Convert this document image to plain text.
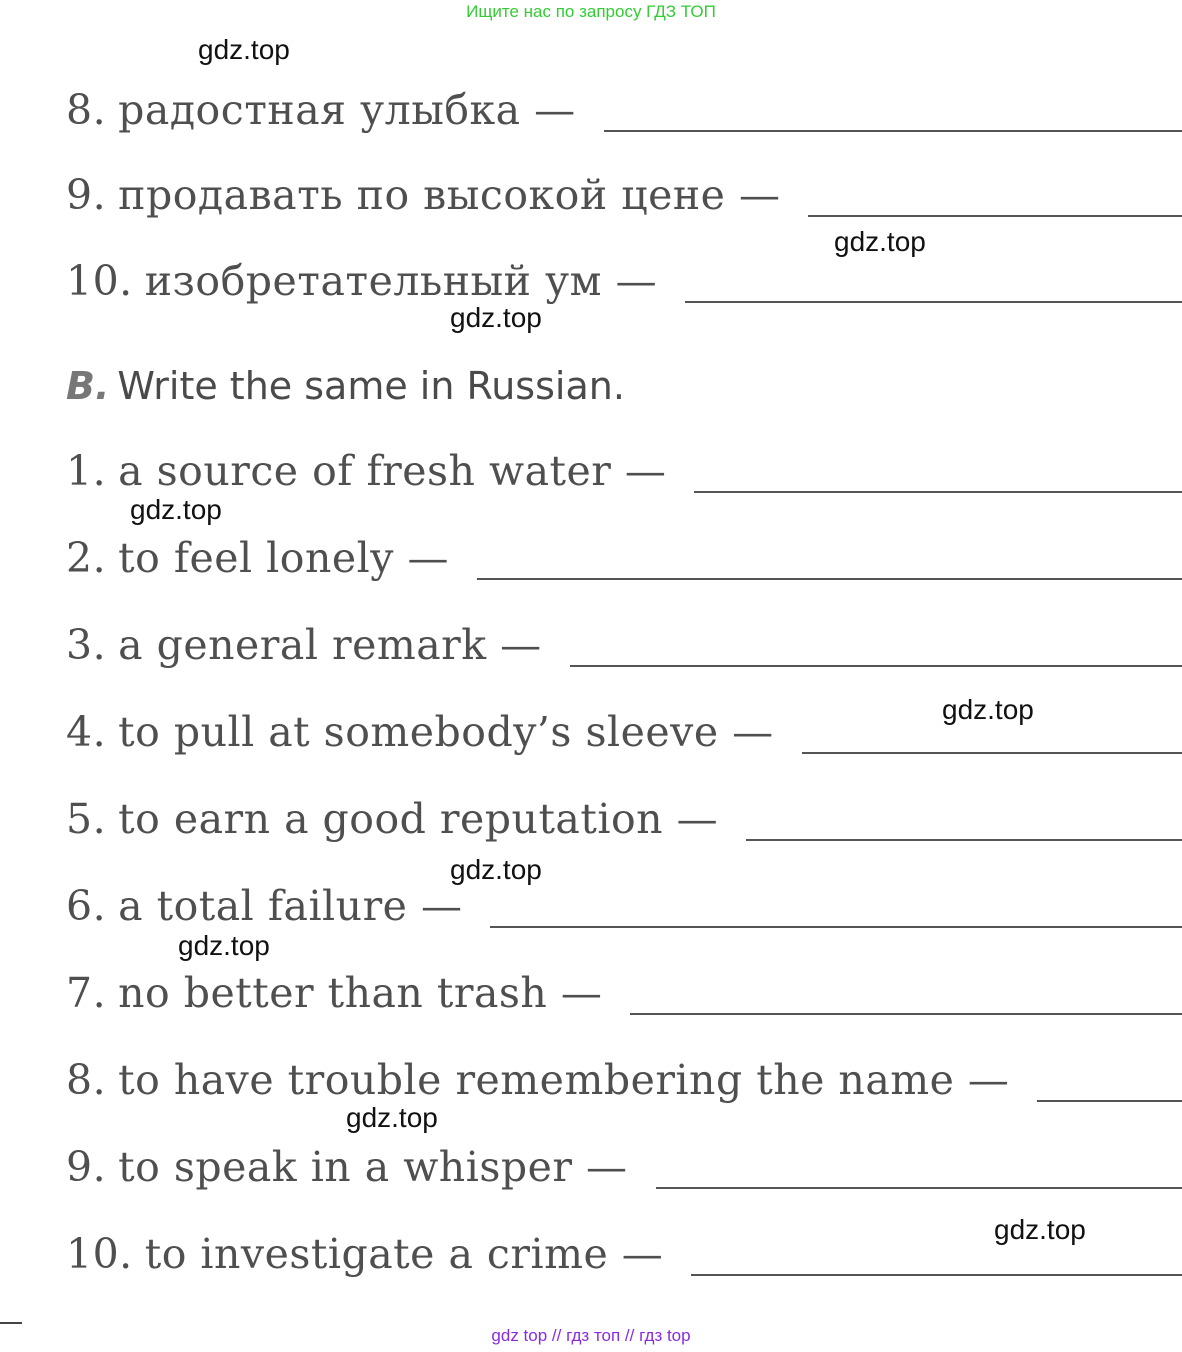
Ищите нас по запросу ГДЗ ТОП
8. радостная улыбка —
9. продавать по высокой цене —
10. изобретательный ум —
B. Write the same in Russian.
1. a source of fresh water —
2. to feel lonely —
3. a general remark —
4. to pull at somebody’s sleeve —
5. to earn a good reputation —
6. a total failure —
7. no better than trash —
8. to have trouble remembering the name —
9. to speak in a whisper —
10. to investigate a crime —
gdz.top
gdz.top
gdz.top
gdz.top
gdz.top
gdz.top
gdz.top
gdz.top
gdz.top
gdz top // гдз топ // гдз top
